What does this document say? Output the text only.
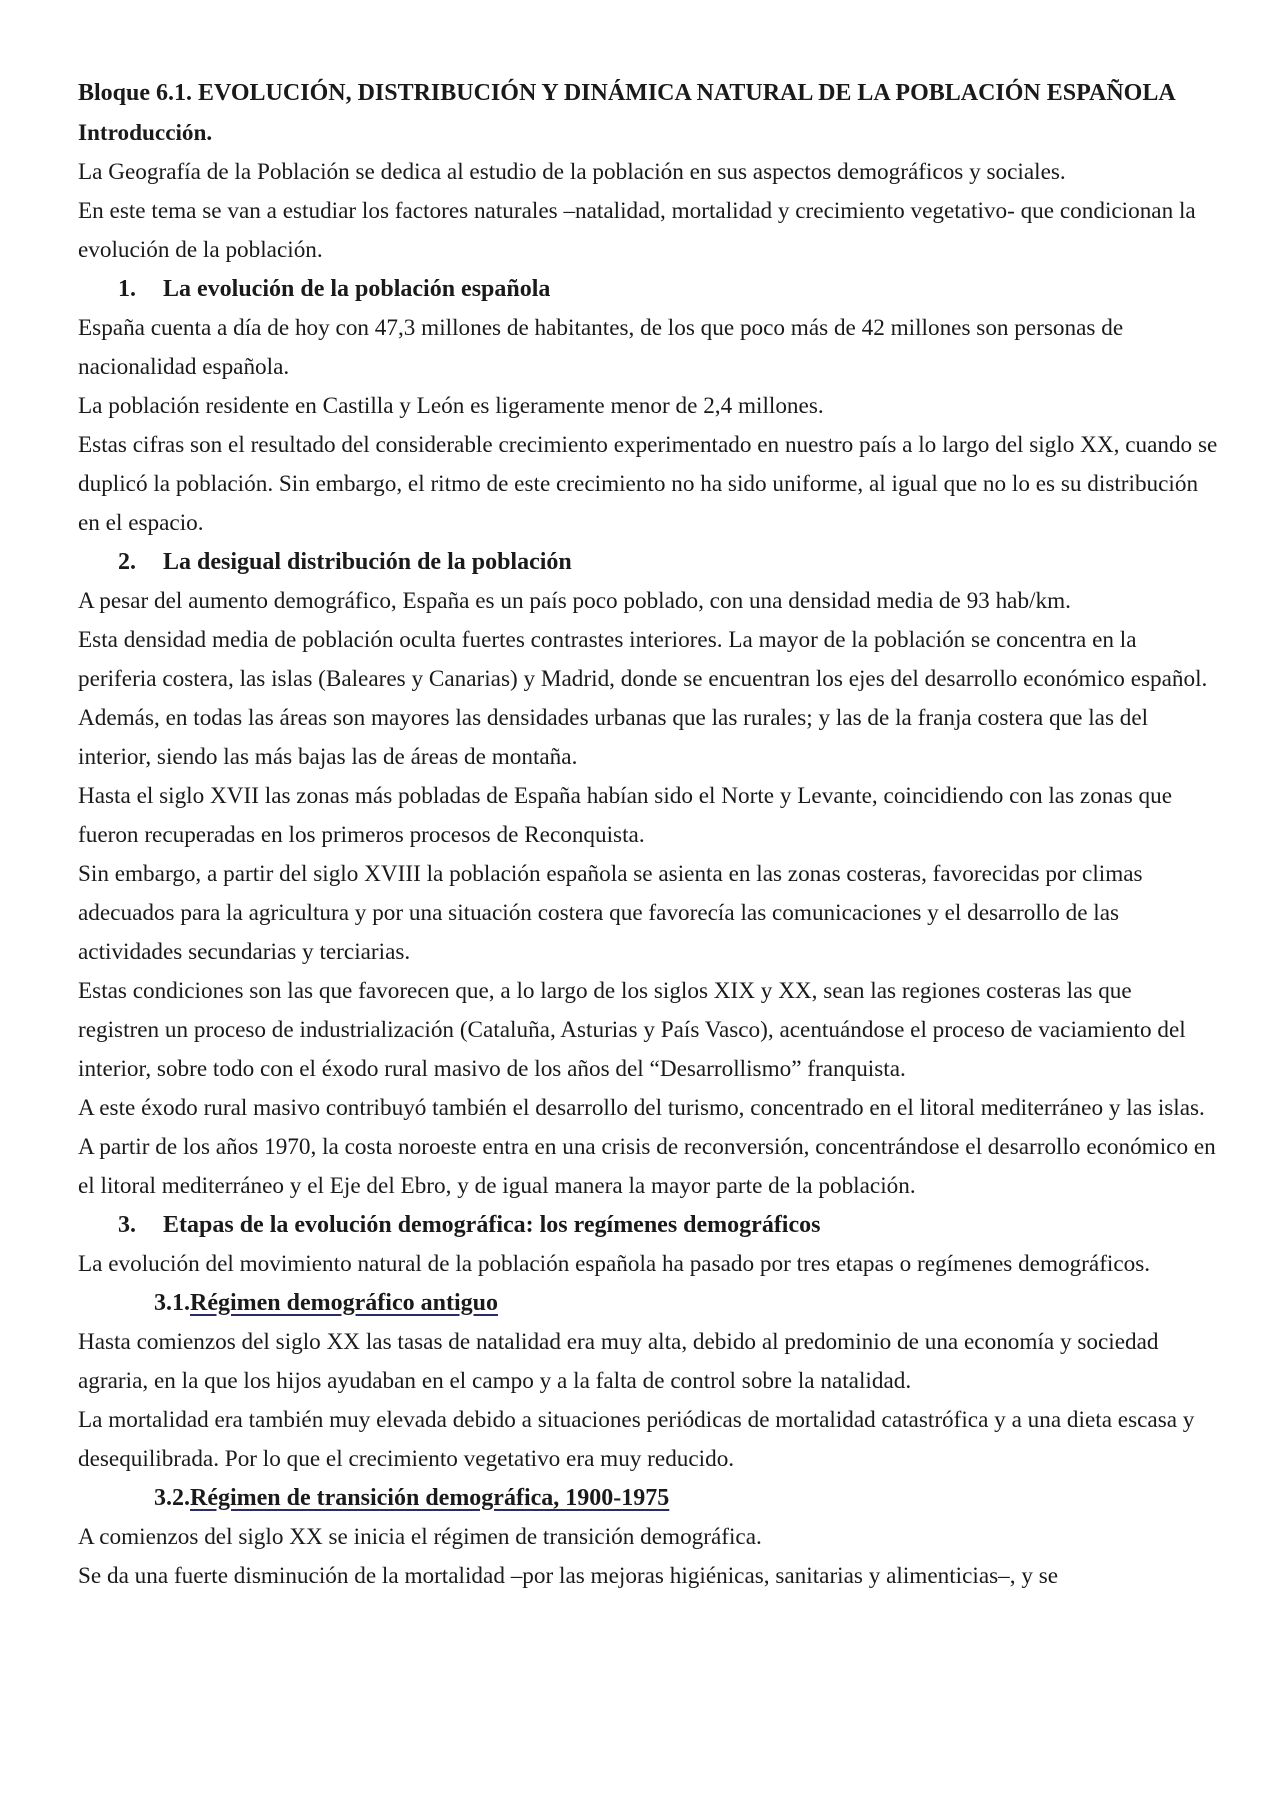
Bloque 6.1. EVOLUCIÓN, DISTRIBUCIÓN Y DINÁMICA NATURAL DE LA POBLACIÓN ESPAÑOLA
Introducción.

La Geografía de la Población se dedica al estudio de la población en sus aspectos demográficos y sociales.

En este tema se van a estudiar los factores naturales –natalidad, mortalidad y crecimiento vegetativo- que condicionan la evolución de la población.

1. La evolución de la población española

España cuenta a día de hoy con 47,3 millones de habitantes, de los que poco más de 42 millones son personas de nacionalidad española.

La población residente en Castilla y León es ligeramente menor de 2,4 millones.

Estas cifras son el resultado del considerable crecimiento experimentado en nuestro país a lo largo del siglo XX, cuando se duplicó la población. Sin embargo, el ritmo de este crecimiento no ha sido uniforme, al igual que no lo es su distribución en el espacio.

2. La desigual distribución de la población

A pesar del aumento demográfico, España es un país poco poblado, con una densidad media de 93 hab/km.

Esta densidad media de población oculta fuertes contrastes interiores. La mayor de la población se concentra en la periferia costera, las islas (Baleares y Canarias) y Madrid, donde se encuentran los ejes del desarrollo económico español. Además, en todas las áreas son mayores las densidades urbanas que las rurales; y las de la franja costera que las del interior, siendo las más bajas las de áreas de montaña.

Hasta el siglo XVII las zonas más pobladas de España habían sido el Norte y Levante, coincidiendo con las zonas que fueron recuperadas en los primeros procesos de Reconquista.

Sin embargo, a partir del siglo XVIII la población española se asienta en las zonas costeras, favorecidas por climas adecuados para la agricultura y por una situación costera que favorecía las comunicaciones y el desarrollo de las actividades secundarias y terciarias.

Estas condiciones son las que favorecen que, a lo largo de los siglos XIX y XX, sean las regiones costeras las que registren un proceso de industrialización (Cataluña, Asturias y País Vasco), acentuándose el proceso de vaciamiento del interior, sobre todo con el éxodo rural masivo de los años del “Desarrollismo” franquista.

A este éxodo rural masivo contribuyó también el desarrollo del turismo, concentrado en el litoral mediterráneo y las islas.

A partir de los años 1970, la costa noroeste entra en una crisis de reconversión, concentrándose el desarrollo económico en el litoral mediterráneo y el Eje del Ebro, y de igual manera la mayor parte de la población.

3. Etapas de la evolución demográfica: los regímenes demográficos

La evolución del movimiento natural de la población española ha pasado por tres etapas o regímenes demográficos.

3.1.Régimen demográfico antiguo

Hasta comienzos del siglo XX las tasas de natalidad era muy alta, debido al predominio de una economía y sociedad agraria, en la que los hijos ayudaban en el campo y a la falta de control sobre la natalidad.

La mortalidad era también muy elevada debido a situaciones periódicas de mortalidad catastrófica y a una dieta escasa y desequilibrada. Por lo que el crecimiento vegetativo era muy reducido.

3.2.Régimen de transición demográfica, 1900-1975

A comienzos del siglo XX se inicia el régimen de transición demográfica.

Se da una fuerte disminución de la mortalidad –por las mejoras higiénicas, sanitarias y alimenticias–, y se
